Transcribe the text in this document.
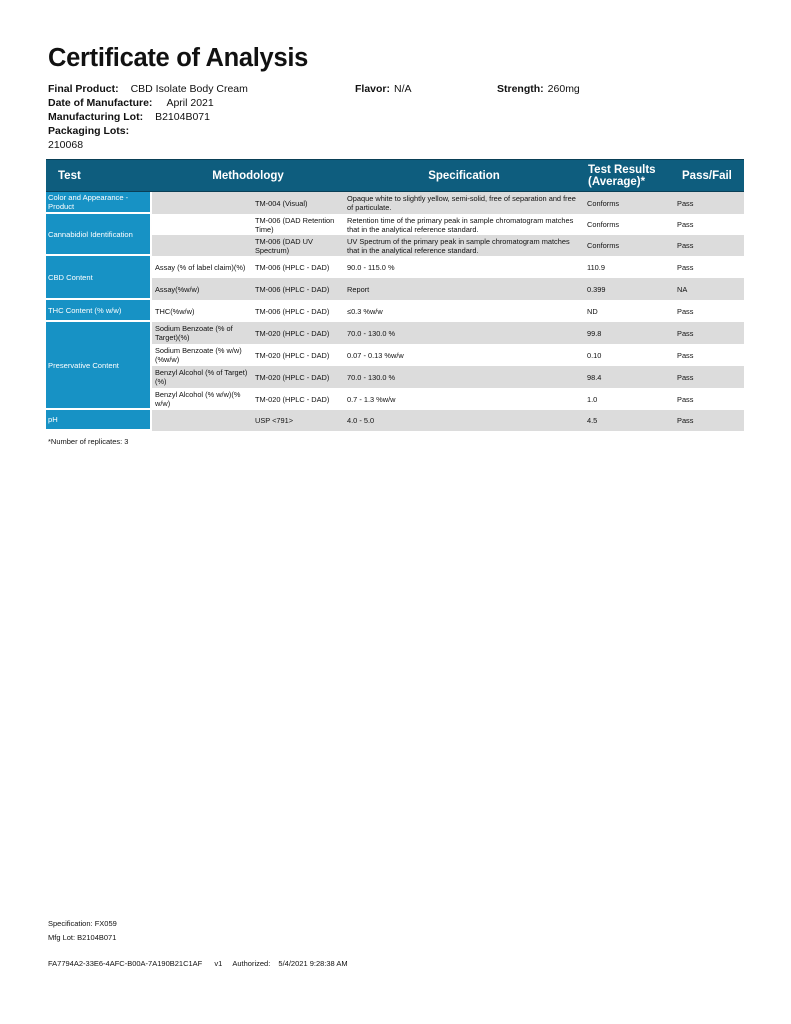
Certificate of Analysis
Final Product: CBD Isolate Body Cream	Flavor: N/A	Strength: 260mg
Date of Manufacture: April 2021
Manufacturing Lot: B2104B071
Packaging Lots:
210068
Test	Methodology		Specification	Test Results (Average)*	Pass/Fail
Color and Appearance - Product		TM-004 (Visual)	Opaque white to slightly yellow, semi-solid, free of separation and free of particulate.	Conforms	Pass
Cannabidiol Identification		TM-006 (DAD Retention Time)	Retention time of the primary peak in sample chromatogram matches that in the analytical reference standard.	Conforms	Pass
		TM-006 (DAD UV Spectrum)	UV Spectrum of the primary peak in sample chromatogram matches that in the analytical reference standard.	Conforms	Pass
CBD Content	Assay (% of label claim)(%)	TM-006 (HPLC - DAD)	90.0 - 115.0 %	110.9	Pass
	Assay(%w/w)	TM-006 (HPLC - DAD)	Report	0.399	NA
THC Content (% w/w)	THC(%w/w)	TM-006 (HPLC - DAD)	≤0.3 %w/w	ND	Pass
Preservative Content	Sodium Benzoate (% of Target)(%)	TM-020 (HPLC - DAD)	70.0 - 130.0 %	99.8	Pass
	Sodium Benzoate (% w/w)(%w/w)	TM-020 (HPLC - DAD)	0.07 - 0.13 %w/w	0.10	Pass
	Benzyl Alcohol (% of Target)(%)	TM-020 (HPLC - DAD)	70.0 - 130.0 %	98.4	Pass
	Benzyl Alcohol (% w/w)(% w/w)	TM-020 (HPLC - DAD)	0.7 - 1.3 %w/w	1.0	Pass
pH		USP <791>	4.0 - 5.0	4.5	Pass
*Number of replicates: 3
Specification: FX059
Mfg Lot: B2104B071
FA7794A2-33E6-4AFC-B00A-7A190B21C1AF v1 Authorized: 5/4/2021 9:28:38 AM
